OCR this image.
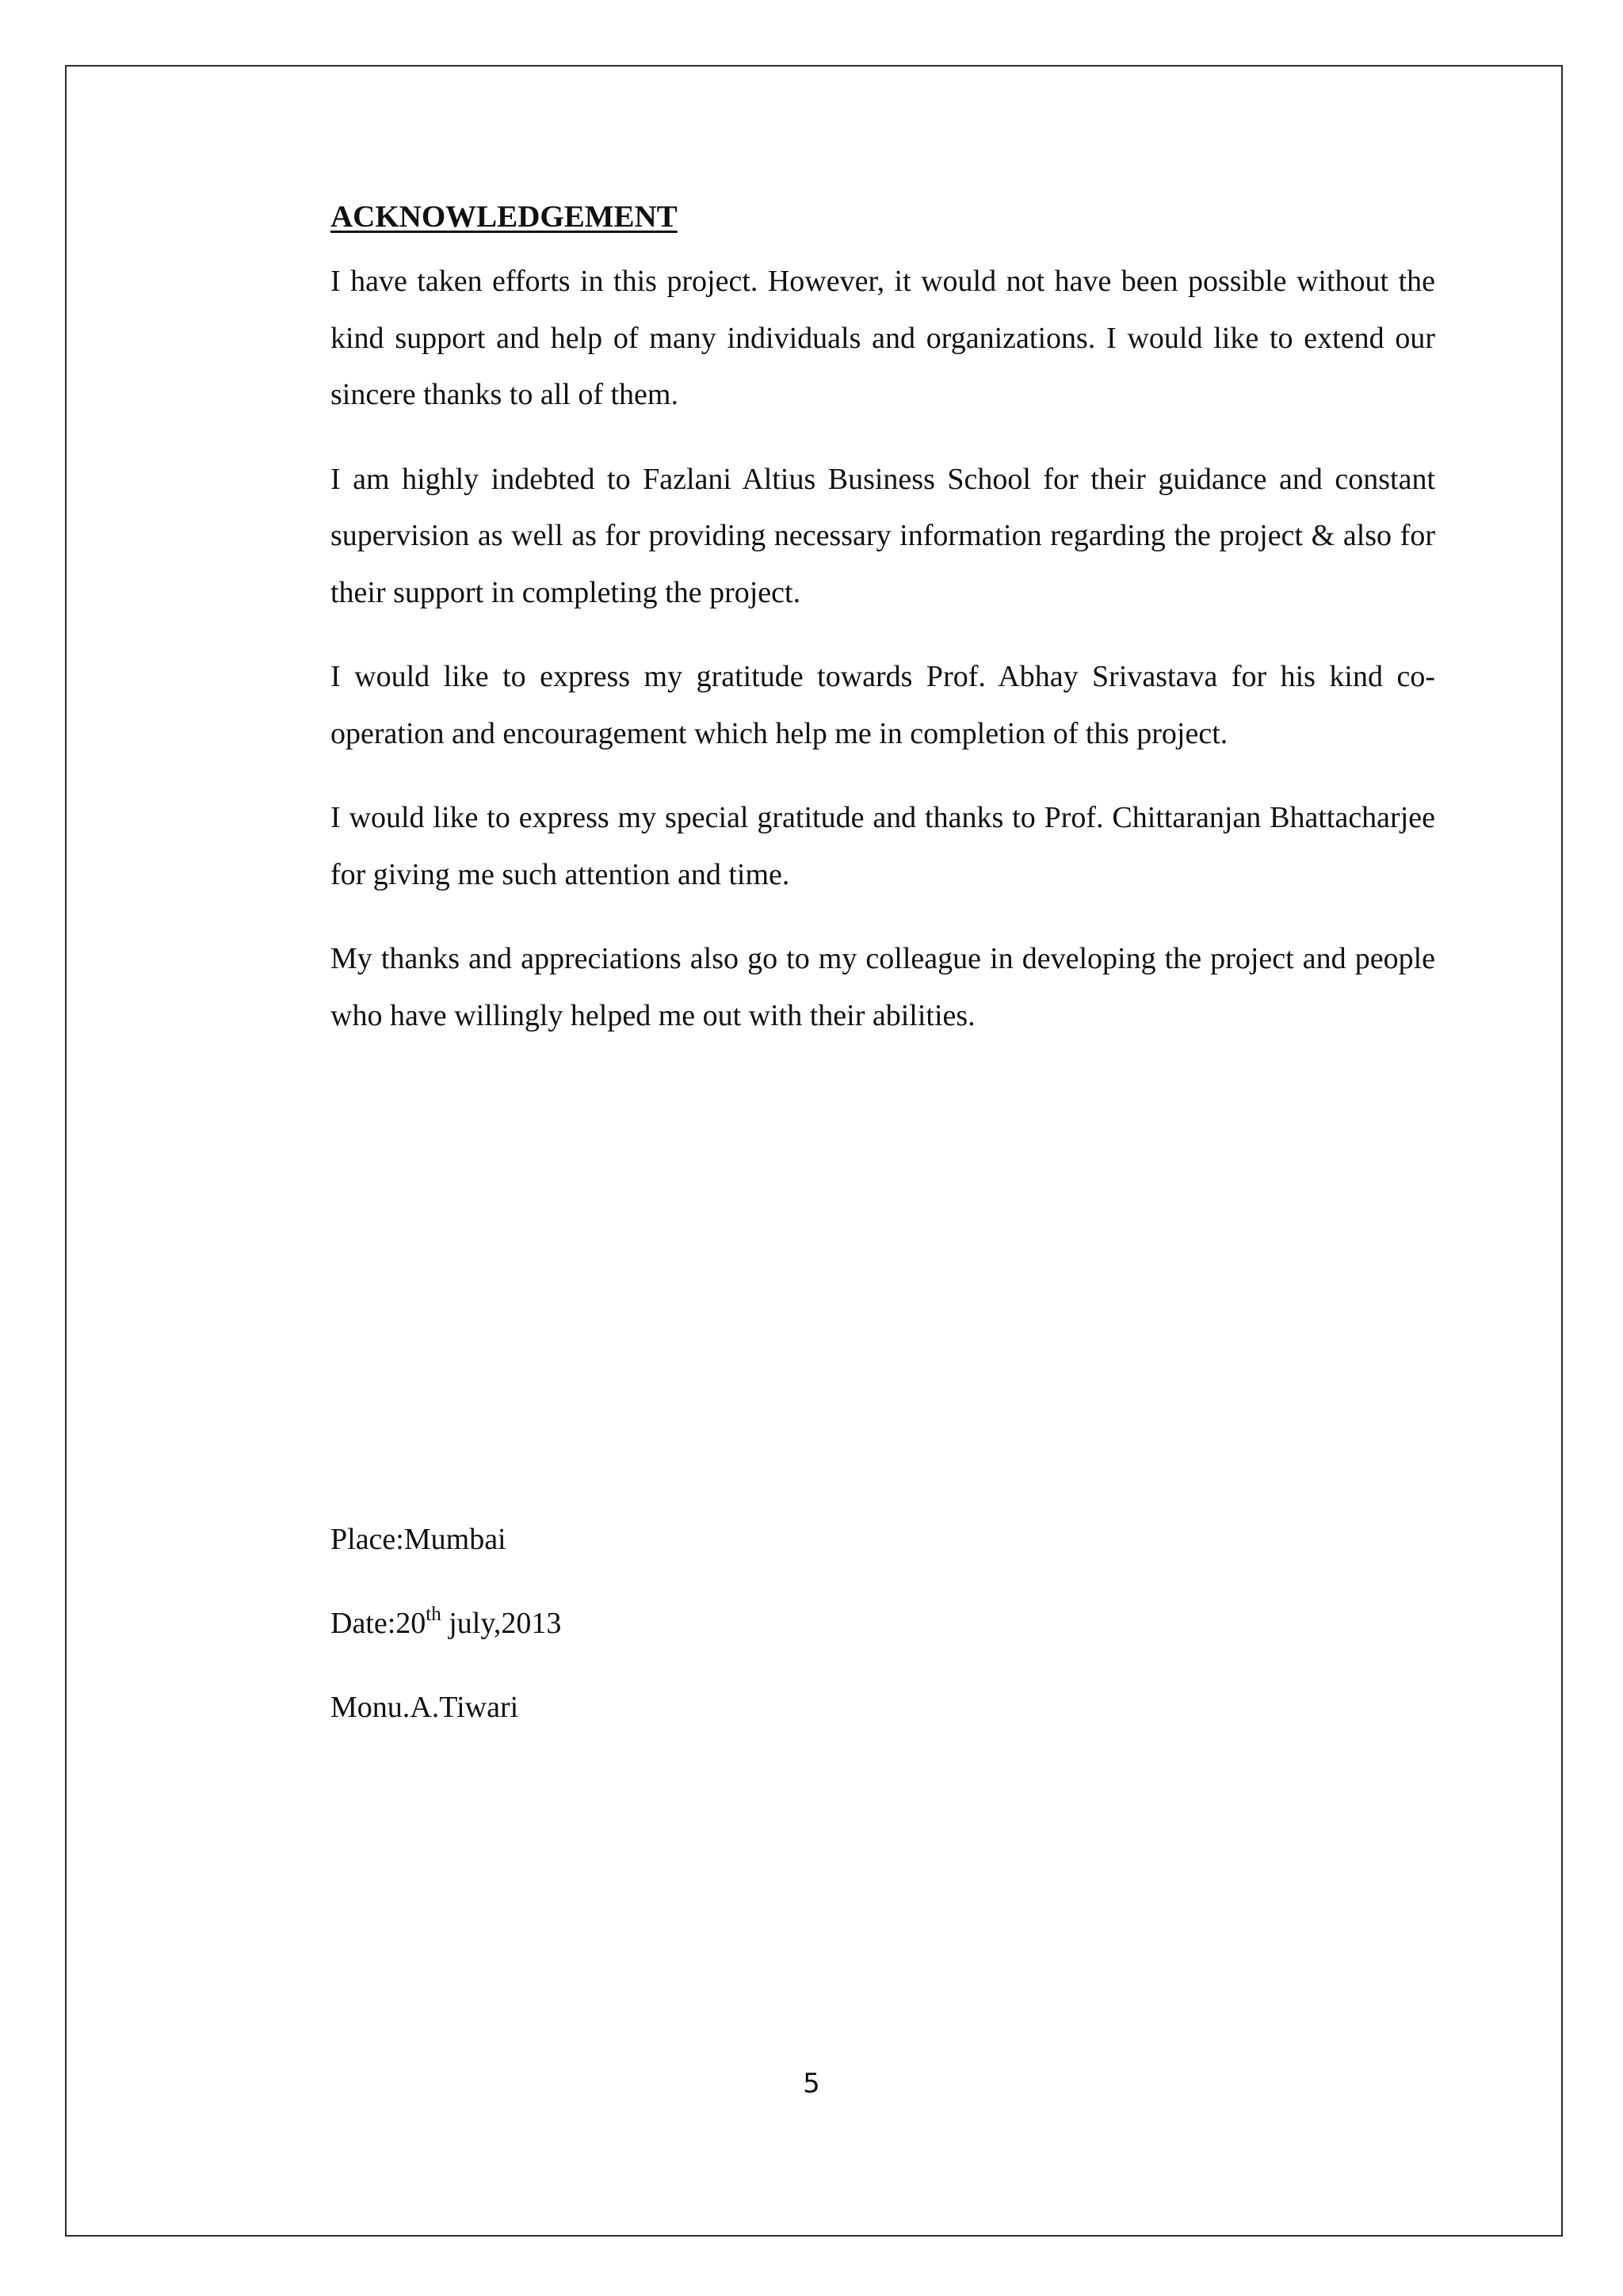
ACKNOWLEDGEMENT

I have taken efforts in this project. However, it would not have been possible without the kind support and help of many individuals and organizations. I would like to extend our sincere thanks to all of them.

I am highly indebted to Fazlani Altius Business School for their guidance and constant supervision as well as for providing necessary information regarding the project & also for their support in completing the project.

I would like to express my gratitude towards Prof. Abhay Srivastava for his kind co-operation and encouragement which help me in completion of this project.

I would like to express my special gratitude and thanks to Prof. Chittaranjan Bhattacharjee for giving me such attention and time.

My thanks and appreciations also go to my colleague in developing the project and people who have willingly helped me out with their abilities.

Place:Mumbai
Date:20th july,2013
Monu.A.Tiwari
5
